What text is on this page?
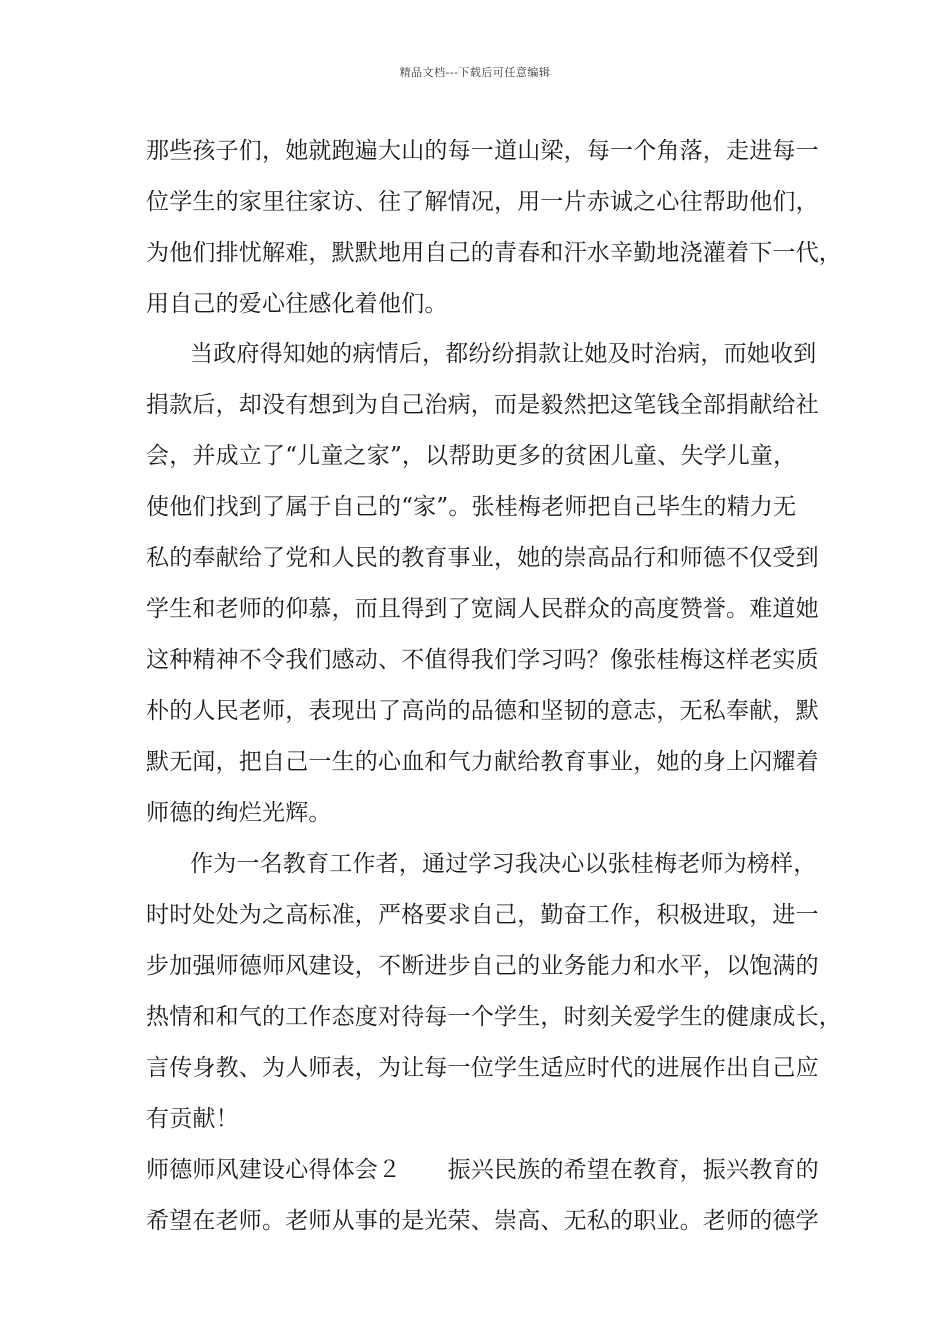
精品文档---下载后可任意编辑
那些孩子们，她就跑遍大山的每一道山梁，每一个角落，走进每一
位学生的家里往家访、往了解情况，用一片赤诚之心往帮助他们，
为他们排忧解难，默默地用自己的青春和汗水辛勤地浇灌着下一代，
用自己的爱心往感化着他们。
当政府得知她的病情后，都纷纷捐款让她及时治病，而她收到
捐款后，却没有想到为自己治病，而是毅然把这笔钱全部捐献给社
会，并成立了“儿童之家”，以帮助更多的贫困儿童、失学儿童，
使他们找到了属于自己的“家”。张桂梅老师把自己毕生的精力无
私的奉献给了党和人民的教育事业，她的崇高品行和师德不仅受到
学生和老师的仰慕，而且得到了宽阔人民群众的高度赞誉。难道她
这种精神不令我们感动、不值得我们学习吗？像张桂梅这样老实质
朴的人民老师，表现出了高尚的品德和坚韧的意志，无私奉献，默
默无闻，把自己一生的心血和气力献给教育事业，她的身上闪耀着
师德的绚烂光辉。
作为一名教育工作者，通过学习我决心以张桂梅老师为榜样，
时时处处为之高标准，严格要求自己，勤奋工作，积极进取，进一
步加强师德师风建设，不断进步自己的业务能力和水平，以饱满的
热情和和气的工作态度对待每一个学生，时刻关爱学生的健康成长，
言传身教、为人师表，为让每一位学生适应时代的进展作出自己应
有贡献！
师德师风建设心得体会２　　振兴民族的希望在教育，振兴教育的
希望在老师。老师从事的是光荣、崇高、无私的职业。老师的德学
